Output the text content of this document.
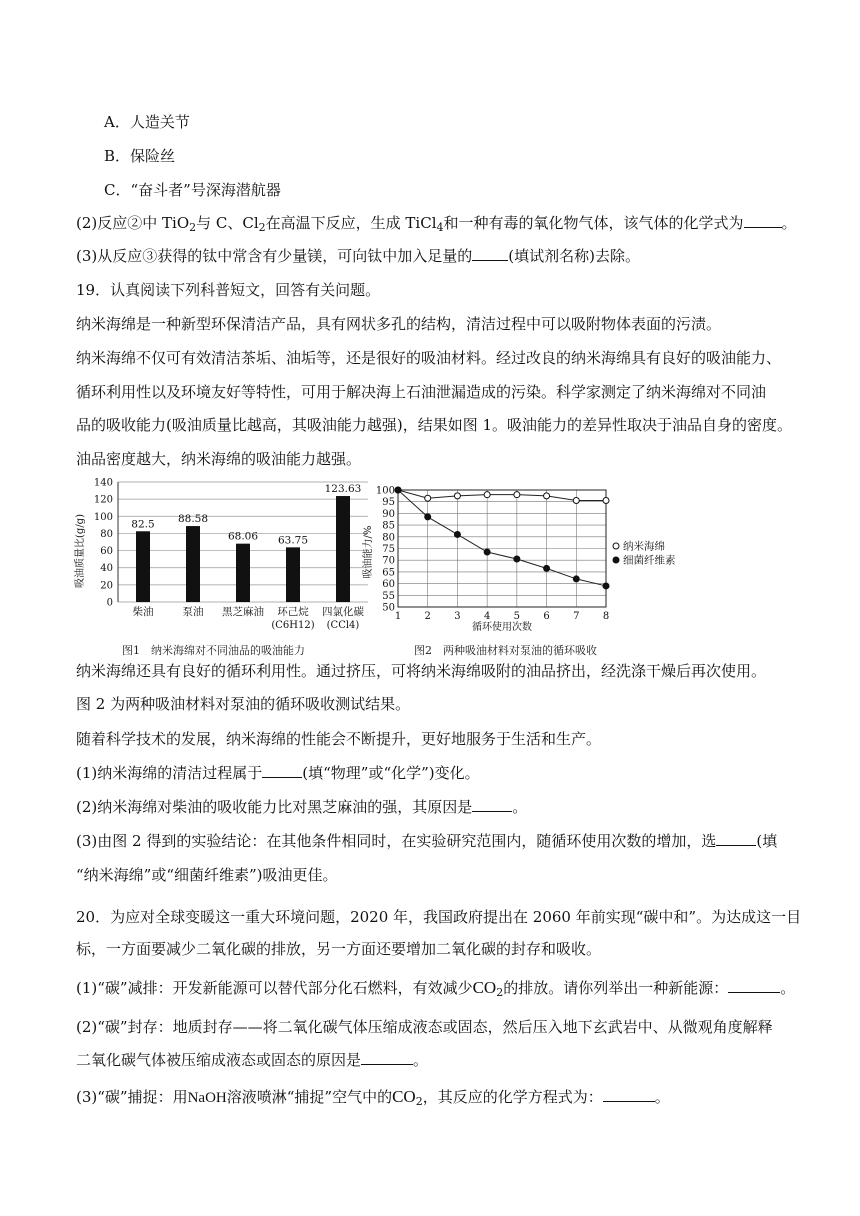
A．人造关节
B．保险丝
C．“奋斗者”号深海潜航器
(2)反应②中 TiO$_2$与 C、$Cl_2$在高温下反应，生成 TiCl$_4$和一种有毒的氧化物气体，该气体的化学式为	。
(3)从反应③获得的钛中常含有少量镁，可向钛中加入足量的 (填试剂名称)去除。
19．认真阅读下列科普短文，回答有关问题。
纳米海绵是一种新型环保清洁产品，具有网状多孔的结构，清洁过程中可以吸附物体表面的污渍。
纳米海绵不仅可有效清洁茶垢、油垢等，还是很好的吸油材料。经过改良的纳米海绵具有良好的吸油能力、
循环利用性以及环境友好等特性，可用于解决海上石油泄漏造成的污染。科学家测定了纳米海绵对不同油
品的吸收能力(吸油质量比越高，其吸油能力越强)，结果如图 1。吸油能力的差异性取决于油品自身的密度。
油品密度越大，纳米海绵的吸油能力越强。
吸油质量比(g/g)
0
20
40
60
80
100
120
140
82.5
柴油
88.58
泵油
68.06
黑芝麻油
63.75
环己烷
(C6H12)
123.63
四氯化碳
(CCl4)
图1　纳米海绵对不同油品的吸油能力
吸油能力/%
循环使用次数
50
55
60
65
70
75
80
85
90
95
100
1 2 3 4 5 6 7 8
纳米海绵
细菌纤维素
图2　两种吸油材料对泵油的循环吸收
纳米海绵还具有良好的循环利用性。通过挤压，可将纳米海绵吸附的油品挤出，经洗涤干燥后再次使用。
图 2 为两种吸油材料对泵油的循环吸收测试结果。
随着科学技术的发展，纳米海绵的性能会不断提升，更好地服务于生活和生产。
(1)纳米海绵的清洁过程属于	(填“物理”或“化学”)变化。
(2)纳米海绵对柴油的吸收能力比对黑芝麻油的强，其原因是	。
(3)由图 2 得到的实验结论：在其他条件相同时，在实验研究范围内，随循环使用次数的增加，选	(填
“纳米海绵”或“细菌纤维素”)吸油更佳。
20．为应对全球变暖这一重大环境问题，2020 年，我国政府提出在 2060 年前实现“碳中和”。为达成这一目
标，一方面要减少二氧化碳的排放，另一方面还要增加二氧化碳的封存和吸收。
(1)“碳”减排：开发新能源可以替代部分化石燃料，有效减少$CO_2$的排放。请你列举出一种新能源：	。
(2)“碳”封存：地质封存——将二氧化碳气体压缩成液态或固态，然后压入地下玄武岩中、从微观角度解释
二氧化碳气体被压缩成液态或固态的原因是	。
(3)“碳”捕捉：用NaOH溶液喷淋“捕捉”空气中的$CO_2$，其反应的化学方程式为：	。
